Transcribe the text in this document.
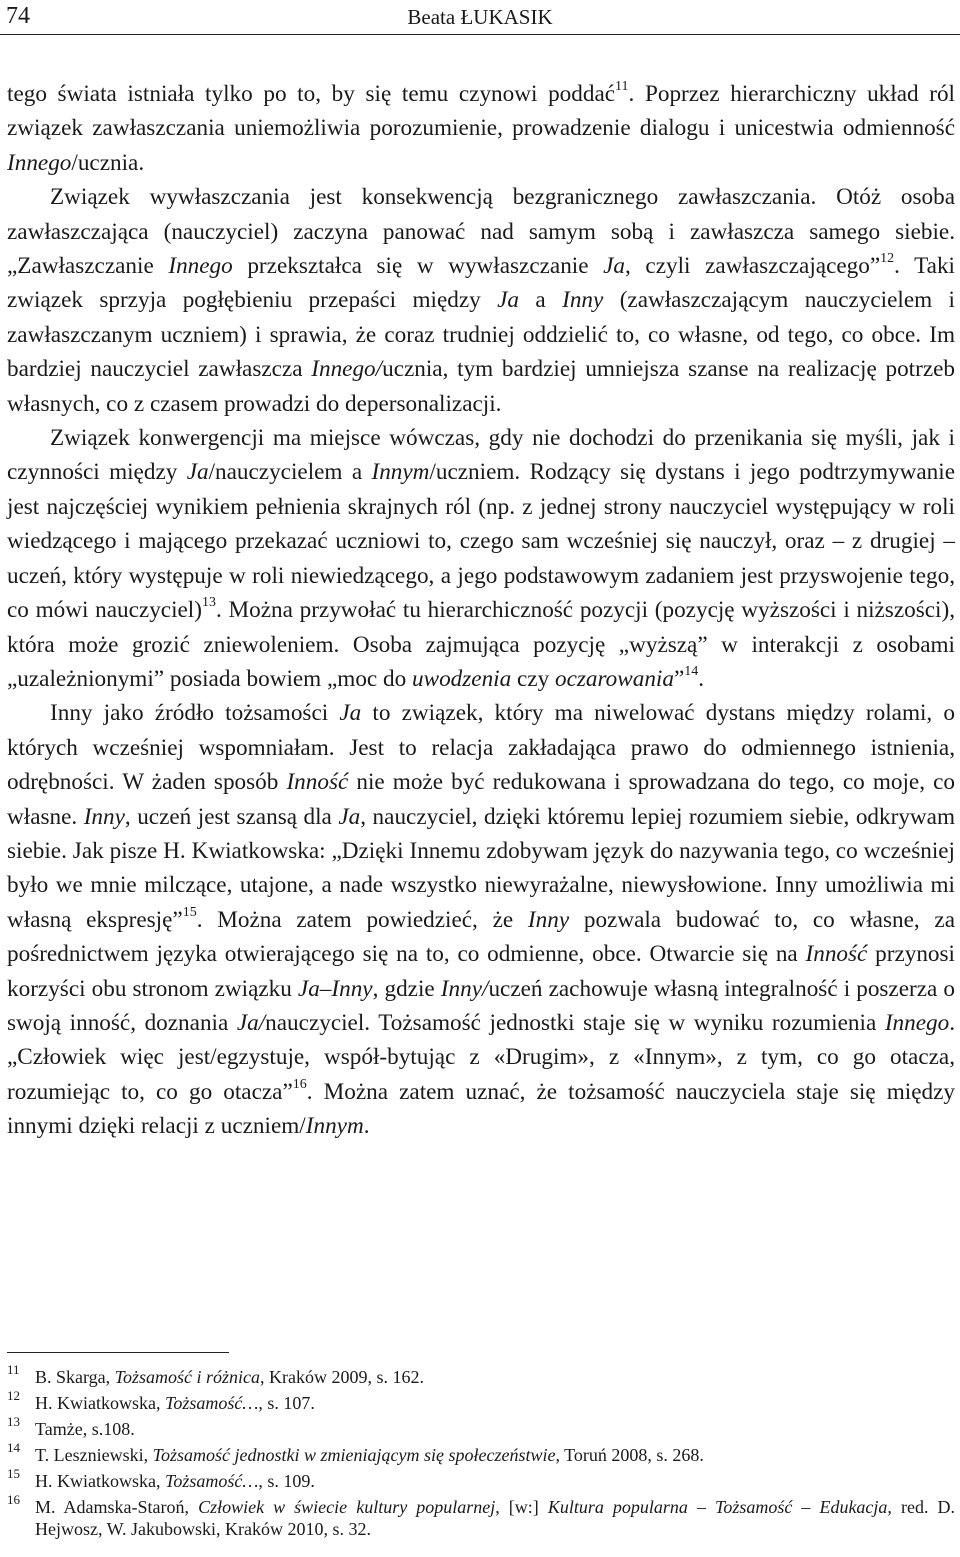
74	Beata ŁUKASIK

tego świata istniała tylko po to, by się temu czynowi poddać$^{11}$. Poprzez hierarchiczny układ ról związek zawłaszczania uniemożliwia porozumienie, prowadzenie dialogu i unicestwia odmienność Innego/ucznia.

Związek wywłaszczania jest konsekwencją bezgranicznego zawłaszczania. Otóż osoba zawłaszczająca (nauczyciel) zaczyna panować nad samym sobą i zawłaszcza samego siebie. „Zawłaszczanie Innego przekształca się w wywłaszczanie Ja, czyli zawłaszczającego”$^{12}$. Taki związek sprzyja pogłębieniu przepaści między Ja a Inny (zawłaszczającym nauczycielem i zawłaszczanym uczniem) i sprawia, że coraz trudniej oddzielić to, co własne, od tego, co obce. Im bardziej nauczyciel zawłaszcza Innego/ucznia, tym bardziej umniejsza szanse na realizację potrzeb własnych, co z czasem prowadzi do depersonalizacji.

Związek konwergencji ma miejsce wówczas, gdy nie dochodzi do przenikania się myśli, jak i czynności między Ja/nauczycielem a Innym/uczniem. Rodzący się dystans i jego podtrzymywanie jest najczęściej wynikiem pełnienia skrajnych ról (np. z jednej strony nauczyciel występujący w roli wiedzącego i mającego przekazać uczniowi to, czego sam wcześniej się nauczył, oraz – z drugiej – uczeń, który występuje w roli niewiedzącego, a jego podstawowym zadaniem jest przyswojenie tego, co mówi nauczyciel)$^{13}$. Można przywołać tu hierarchiczność pozycji (pozycję wyższości i niższości), która może grozić zniewoleniem. Osoba zajmująca pozycję „wyższą” w interakcji z osobami „uzależnionymi” posiada bowiem „moc do uwodzenia czy oczarowania”$^{14}$.

Inny jako źródło tożsamości Ja to związek, który ma niwelować dystans między rolami, o których wcześniej wspomniałam. Jest to relacja zakładająca prawo do odmiennego istnienia, odrębności. W żaden sposób Inność nie może być redukowana i sprowadzana do tego, co moje, co własne. Inny, uczeń jest szansą dla Ja, nauczyciel, dzięki któremu lepiej rozumiem siebie, odkrywam siebie. Jak pisze H. Kwiatkowska: „Dzięki Innemu zdobywam język do nazywania tego, co wcześniej było we mnie milczące, utajone, a nade wszystko niewyrażalne, niewysłowione. Inny umożliwia mi własną ekspresję”$^{15}$. Można zatem powiedzieć, że Inny pozwala budować to, co własne, za pośrednictwem języka otwierającego się na to, co odmienne, obce. Otwarcie się na Inność przynosi korzyści obu stronom związku Ja–Inny, gdzie Inny/uczeń zachowuje własną integralność i poszerza o swoją inność, doznania Ja/nauczyciel. Tożsamość jednostki staje się w wyniku rozumienia Innego. „Człowiek więc jest/egzystuje, współ-bytując z «Drugim», z «Innym», z tym, co go otacza, rozumiejąc to, co go otacza”$^{16}$. Można zatem uznać, że tożsamość nauczyciela staje się między innymi dzięki relacji z uczniem/Innym.

11 B. Skarga, Tożsamość i różnica, Kraków 2009, s. 162.
12 H. Kwiatkowska, Tożsamość…, s. 107.
13 Tamże, s.108.
14 T. Leszniewski, Tożsamość jednostki w zmieniającym się społeczeństwie, Toruń 2008, s. 268.
15 H. Kwiatkowska, Tożsamość…, s. 109.
16 M. Adamska-Staroń, Człowiek w świecie kultury popularnej, [w:] Kultura popularna – Tożsamość – Edukacja, red. D. Hejwosz, W. Jakubowski, Kraków 2010, s. 32.
